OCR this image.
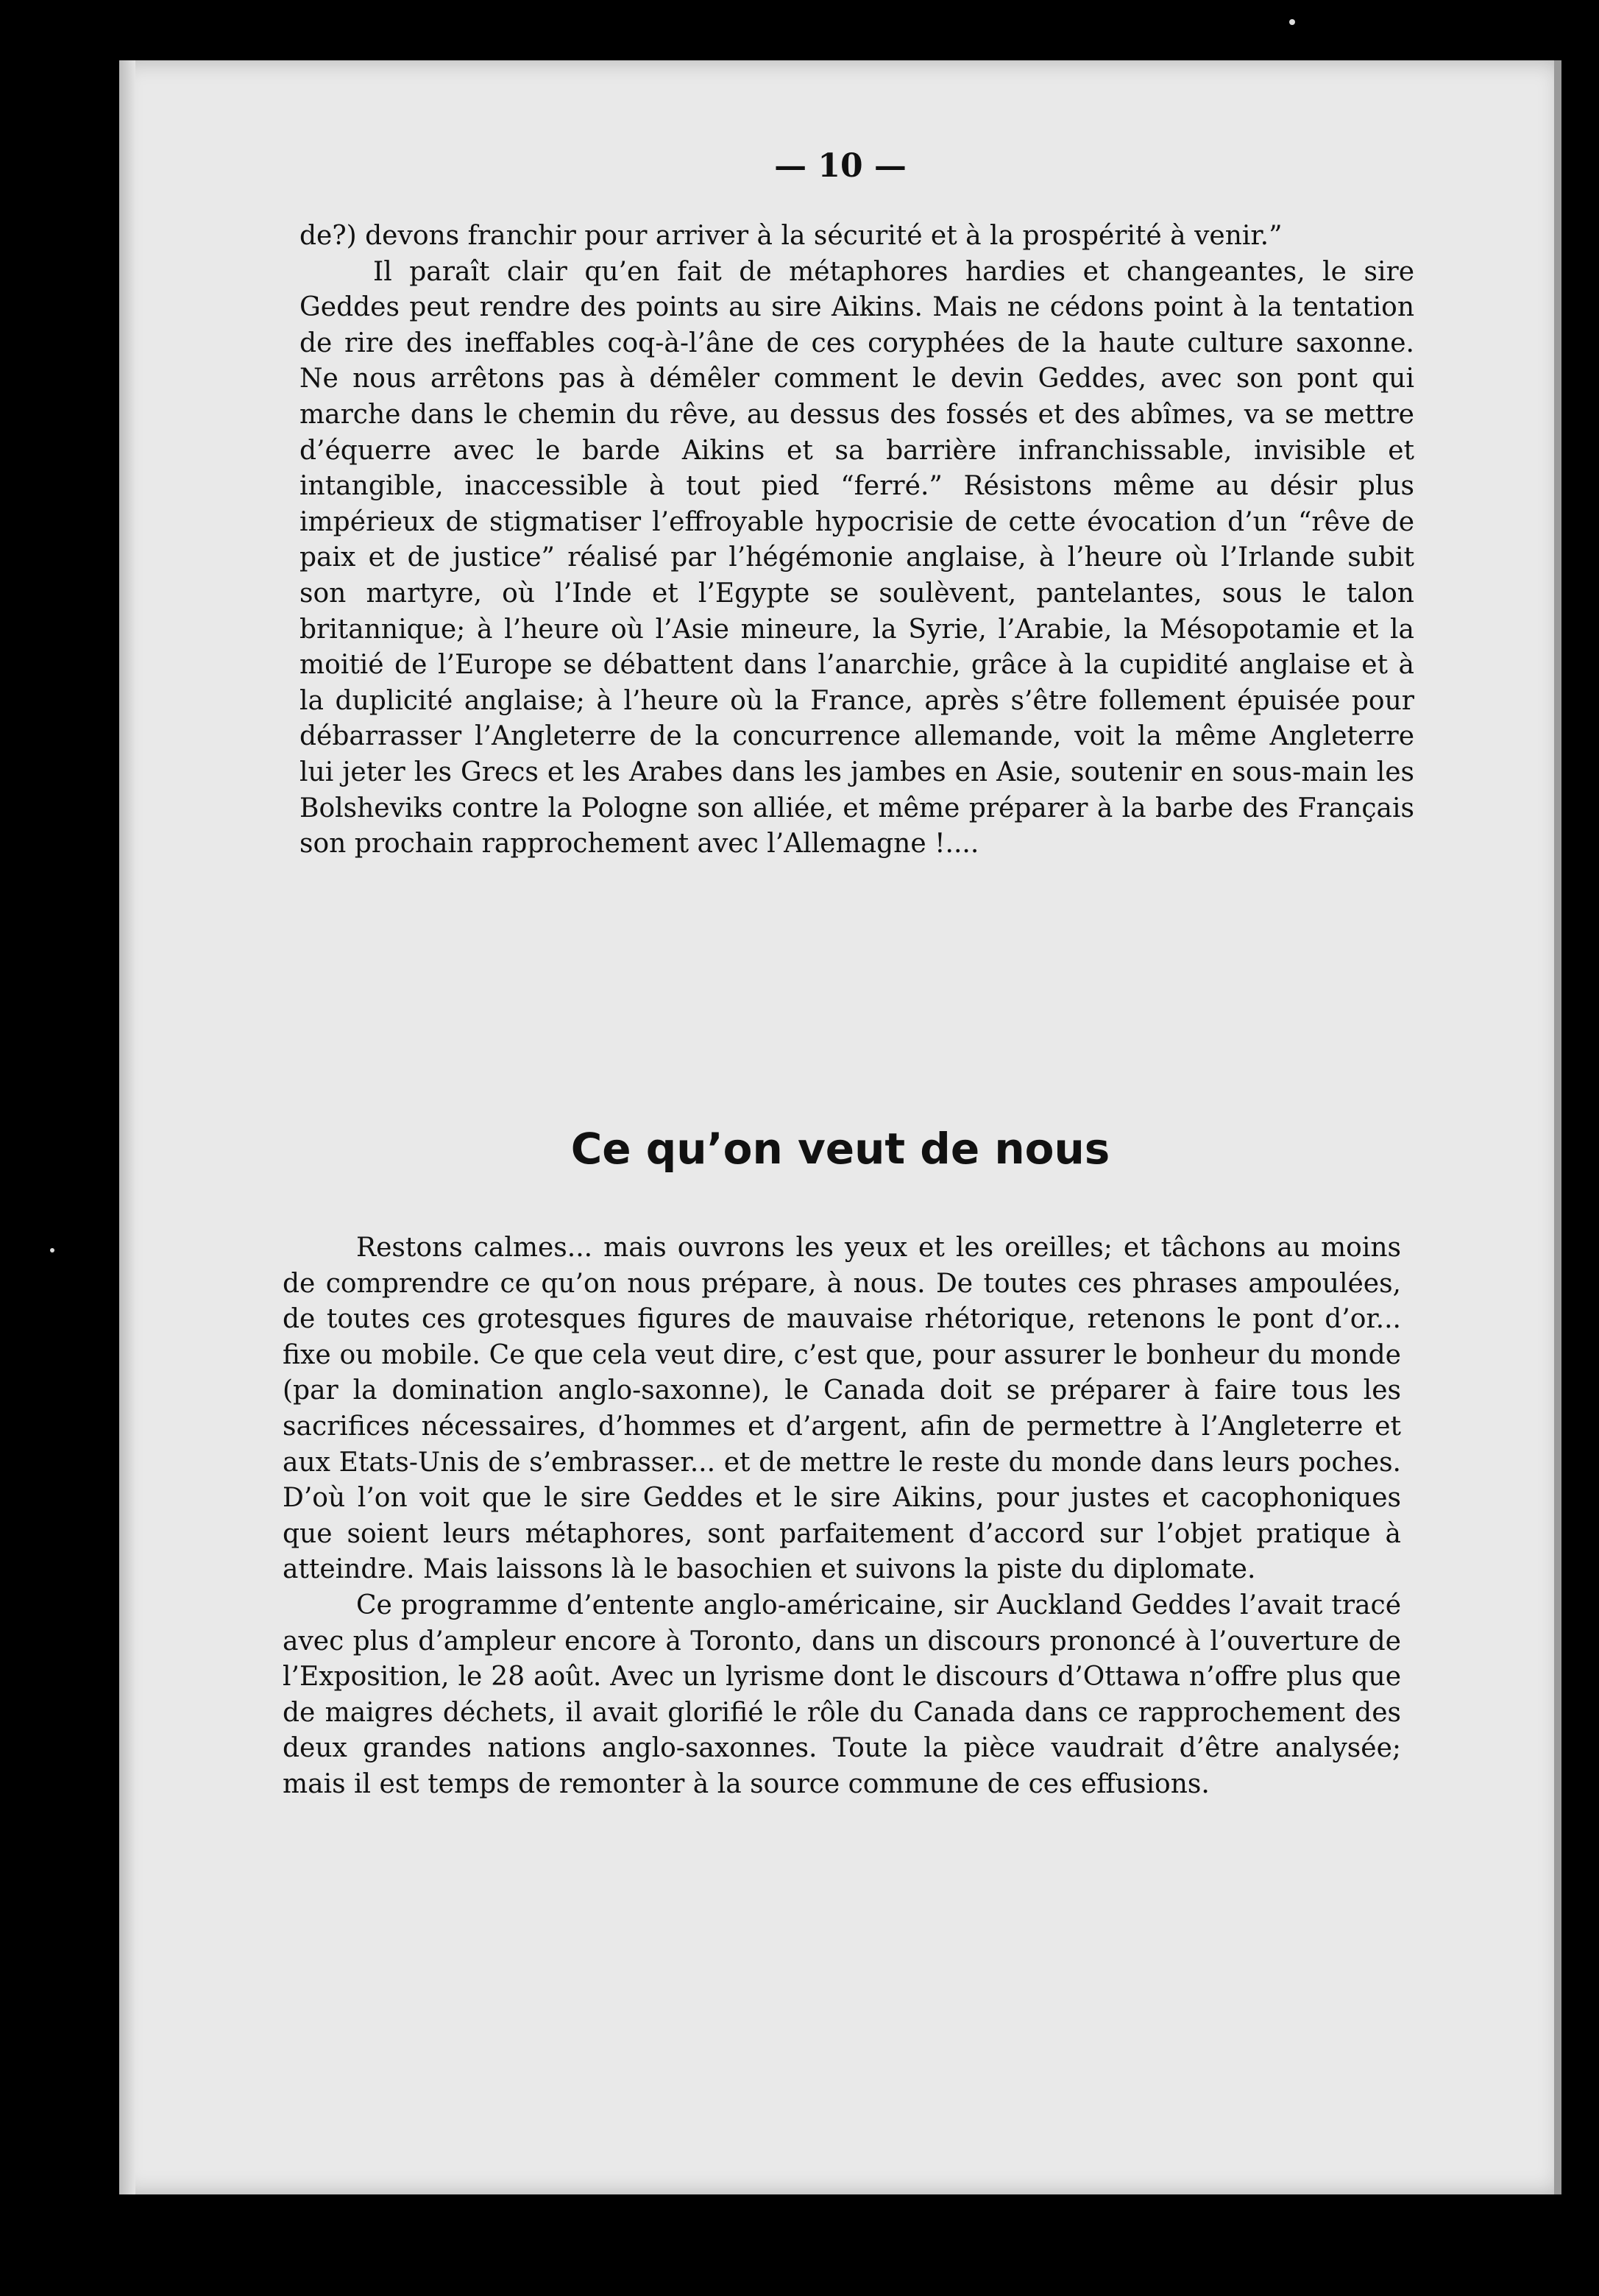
— 10 —

de?) devons franchir pour arriver à la sécurité et à la prospérité à venir.”

Il paraît clair qu’en fait de métaphores hardies et changeantes, le sire Geddes peut rendre des points au sire Aikins. Mais ne cédons point à la tentation de rire des ineffables coq-à-l’âne de ces coryphées de la haute culture saxonne. Ne nous arrêtons pas à démêler comment le devin Geddes, avec son pont qui marche dans le chemin du rêve, au dessus des fossés et des abîmes, va se mettre d’équerre avec le barde Aikins et sa barrière infranchissable, invisible et intangible, inaccessible à tout pied “ferré.” Résistons même au désir plus impérieux de stigmatiser l’effroyable hypocrisie de cette évocation d’un “rêve de paix et de justice” réalisé par l’hégémonie anglaise, à l’heure où l’Irlande subit son martyre, où l’Inde et l’Egypte se soulèvent, pantelantes, sous le talon britannique; à l’heure où l’Asie mineure, la Syrie, l’Arabie, la Mésopotamie et la moitié de l’Europe se débattent dans l’anarchie, grâce à la cupidité anglaise et à la duplicité anglaise; à l’heure où la France, après s’être follement épuisée pour débarrasser l’Angleterre de la concurrence allemande, voit la même Angleterre lui jeter les Grecs et les Arabes dans les jambes en Asie, soutenir en sous-main les Bolsheviks contre la Pologne son alliée, et même préparer à la barbe des Français son prochain rapprochement avec l’Allemagne !....

Ce qu’on veut de nous

Restons calmes... mais ouvrons les yeux et les oreilles; et tâchons au moins de comprendre ce qu’on nous prépare, à nous. De toutes ces phrases ampoulées, de toutes ces grotesques figures de mauvaise rhétorique, retenons le pont d’or... fixe ou mobile. Ce que cela veut dire, c’est que, pour assurer le bonheur du monde (par la domination anglo-saxonne), le Canada doit se préparer à faire tous les sacrifices nécessaires, d’hommes et d’argent, afin de permettre à l’Angleterre et aux Etats-Unis de s’embrasser... et de mettre le reste du monde dans leurs poches. D’où l’on voit que le sire Geddes et le sire Aikins, pour justes et cacophoniques que soient leurs métaphores, sont parfaitement d’accord sur l’objet pratique à atteindre. Mais laissons là le basochien et suivons la piste du diplomate.

Ce programme d’entente anglo-américaine, sir Auckland Geddes l’avait tracé avec plus d’ampleur encore à Toronto, dans un discours prononcé à l’ouverture de l’Exposition, le 28 août. Avec un lyrisme dont le discours d’Ottawa n’offre plus que de maigres déchets, il avait glorifié le rôle du Canada dans ce rapprochement des deux grandes nations anglo-saxonnes. Toute la pièce vaudrait d’être analysée; mais il est temps de remonter à la source commune de ces effusions.
